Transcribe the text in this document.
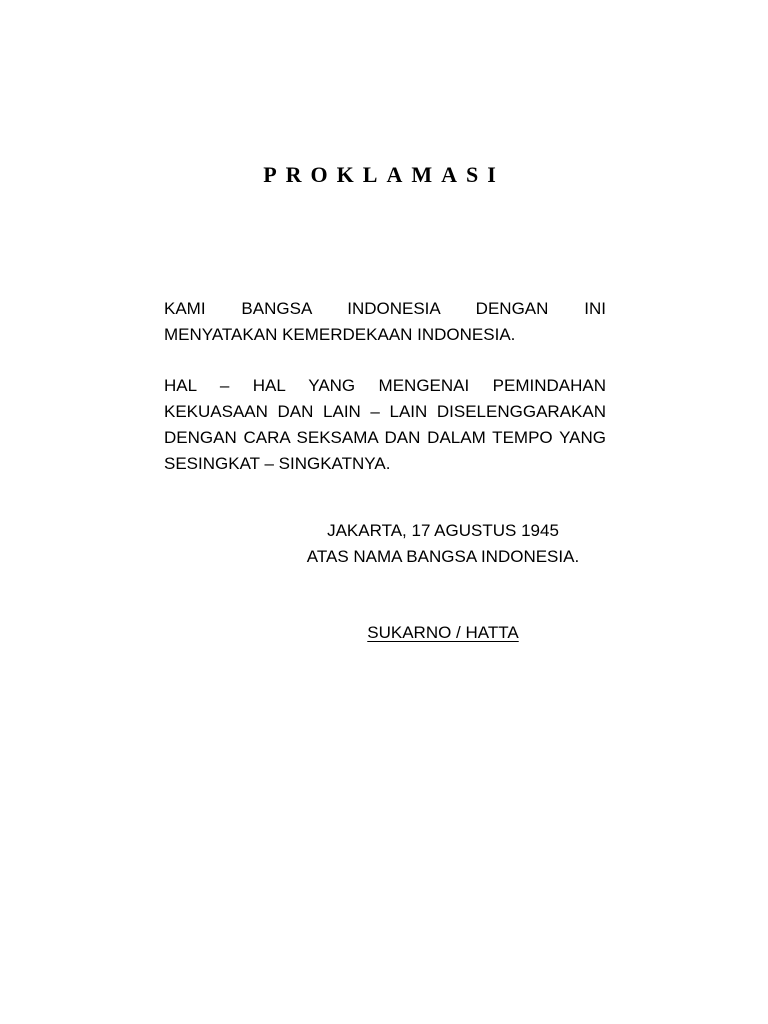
PROKLAMASI

KAMI BANGSA INDONESIA DENGAN INI
MENYATAKAN KEMERDEKAAN INDONESIA.

HAL – HAL YANG MENGENAI PEMINDAHAN
KEKUASAAN DAN LAIN – LAIN DISELENGGARAKAN
DENGAN CARA SEKSAMA DAN DALAM TEMPO YANG
SESINGKAT – SINGKATNYA.

JAKARTA, 17 AGUSTUS 1945

ATAS NAMA BANGSA INDONESIA.

SUKARNO / HATTA
